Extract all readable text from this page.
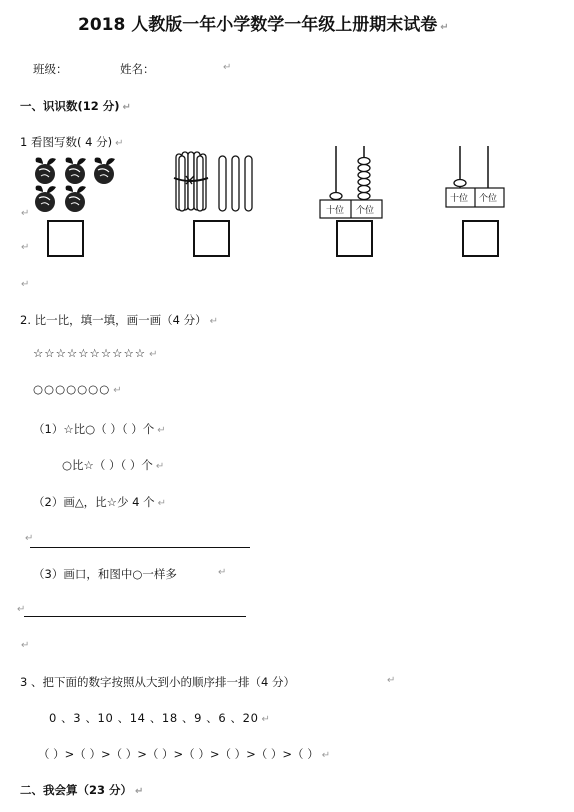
2018 人教版一年小学数学一年级上册期末试卷 ↵
班级：	姓名：	↵
一、识识数(12 分) ↵
1 看图写数( 4 分) ↵
十位 个位
十位 个位
↵
↵
↵
2. 比一比，填一填，画一画（4 分） ↵
☆☆☆☆☆☆☆☆☆☆ ↵
○○○○○○○ ↵
（1）☆比○（ ）（ ）个 ↵
○比☆（ ）（ ）个 ↵
（2）画△，比☆少 4 个 ↵
↵
（3）画口，和图中○一样多	↵
↵
↵
3 、把下面的数字按照从大到小的顺序排一排（4 分）	↵
0 、3 、10 、14 、18 、9 、6 、20 ↵
（ ）>（ ）>（ ）>（ ）>（ ）>（ ）>（ ）>（ ） ↵
二、我会算（23 分） ↵
